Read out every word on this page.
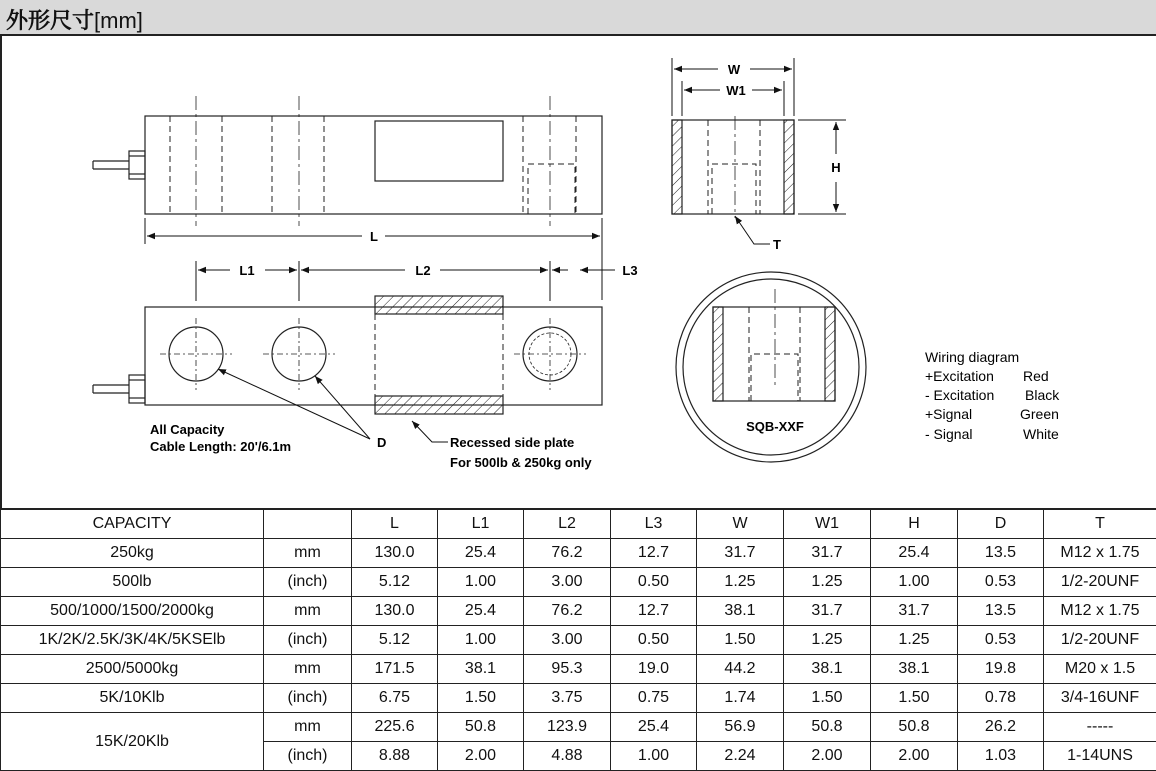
外形尺寸[mm]
L
L1	L2	L3
D	Recessed side plate
For 500lb & 250kg only
All Capacity
Cable Length: 20'/6.1m
W
W1
H
T
SQB-XXF
Wiring diagram
+Excitation Red
- Excitation Black
+Signal	Green
- Signal	White
CAPACITY		L	L1	L2	L3	W	W1	H	D	T
250kg	mm	130.0	25.4	76.2	12.7	31.7	31.7	25.4	13.5	M12 x 1.75
500lb	(inch)	5.12	1.00	3.00	0.50	1.25	1.25	1.00	0.53	1/2-20UNF
500/1000/1500/2000kg	mm	130.0	25.4	76.2	12.7	38.1	31.7	31.7	13.5	M12 x 1.75
1K/2K/2.5K/3K/4K/5KSElb	(inch)	5.12	1.00	3.00	0.50	1.50	1.25	1.25	0.53	1/2-20UNF
2500/5000kg	mm	171.5	38.1	95.3	19.0	44.2	38.1	38.1	19.8	M20 x 1.5
5K/10Klb	(inch)	6.75	1.50	3.75	0.75	1.74	1.50	1.50	0.78	3/4-16UNF
15K/20Klb	mm	225.6	50.8	123.9	25.4	56.9	50.8	50.8	26.2	-----
	(inch)	8.88	2.00	4.88	1.00	2.24	2.00	2.00	1.03	1-14UNS
